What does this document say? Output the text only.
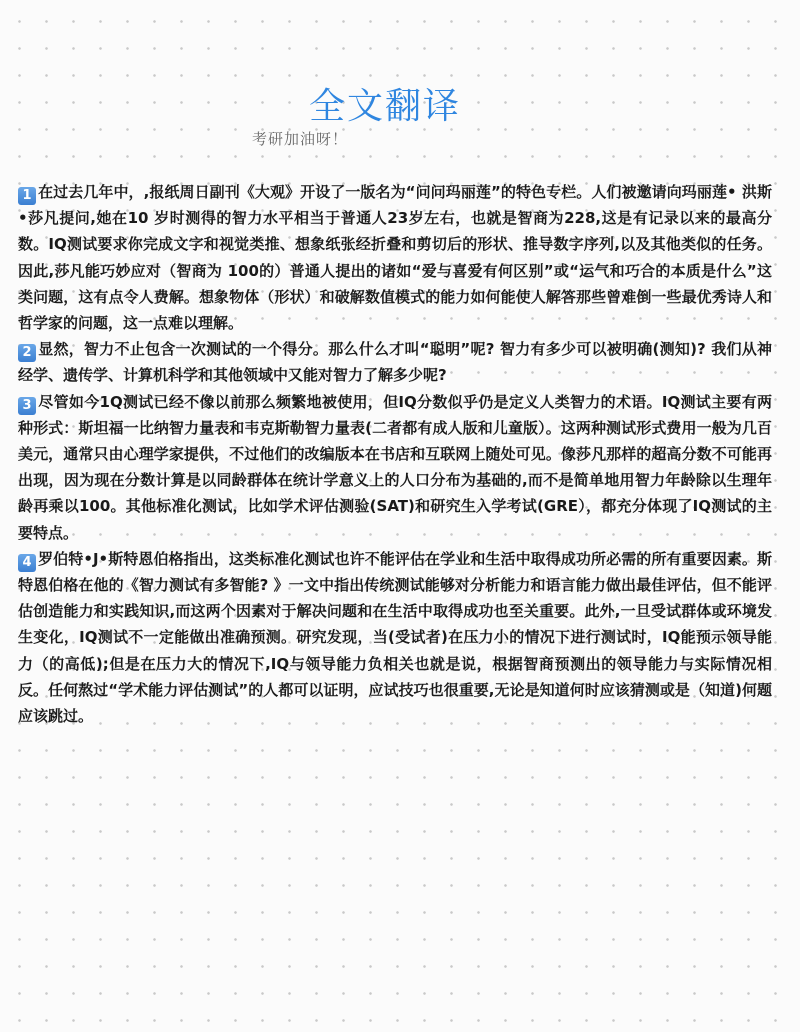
全文翻译
考研加油呀！

1 在过去几年中，,报纸周日副刊《大观》开设了一版名为“问问玛丽莲”的特色专栏。人们被邀请向玛丽莲• 洪斯 •莎凡提问,她在10 岁时测得的智力水平相当于普通人23岁左右，也就是智商为228,这是有记录以来的最高分数。IQ测试要求你完成文字和视觉类推、想象纸张经折叠和剪切后的形状、推导数字序列,以及其他类似的任务。因此,莎凡能巧妙应对（智商为 100的）普通人提出的诸如“爱与喜爱有何区别”或“运气和巧合的本质是什么”这类问题，这有点令人费解。想象物体（形状）和破解数值模式的能力如何能使人解答那些曾难倒一些最优秀诗人和哲学家的问题，这一点难以理解。

2 显然，智力不止包含一次测试的一个得分。那么什么才叫“聪明”呢? 智力有多少可以被明确(测知)? 我们从神经学、遗传学、计算机科学和其他领域中又能对智力了解多少呢?

3 尽管如今1Q测试已经不像以前那么频繁地被使用，但IQ分数似乎仍是定义人类智力的术语。IQ测试主要有两种形式：斯坦福一比纳智力量表和韦克斯勒智力量表(二者都有成人版和儿童版）。这两种测试形式费用一般为几百美元，通常只由心理学家提供，不过他们的改编版本在书店和互联网上随处可见。像莎凡那样的超高分数不可能再出现，因为现在分数计算是以同龄群体在统计学意义上的人口分布为基础的,而不是简单地用智力年龄除以生理年龄再乘以100。其他标准化测试，比如学术评估测验(SAT)和研究生入学考试(GRE），都充分体现了IQ测试的主要特点。

4 罗伯特•J•斯特恩伯格指出，这类标准化测试也许不能评估在学业和生活中取得成功所必需的所有重要因素。斯特恩伯格在他的《智力测试有多智能? 》一文中指出传统测试能够对分析能力和语言能力做出最佳评估，但不能评估创造能力和实践知识,而这两个因素对于解决问题和在生活中取得成功也至关重要。此外,一旦受试群体或环境发生变化，IQ测试不一定能做出准确预测。研究发现，当(受试者)在压力小的情况下进行测试时，IQ能预示领导能力（的高低);但是在压力大的情况下,IQ与领导能力负相关也就是说，根据智商预测出的领导能力与实际情况相反。任何熬过“学术能力评估测试”的人都可以证明，应试技巧也很重要,无论是知道何时应该猜测或是（知道)何题应该跳过。
